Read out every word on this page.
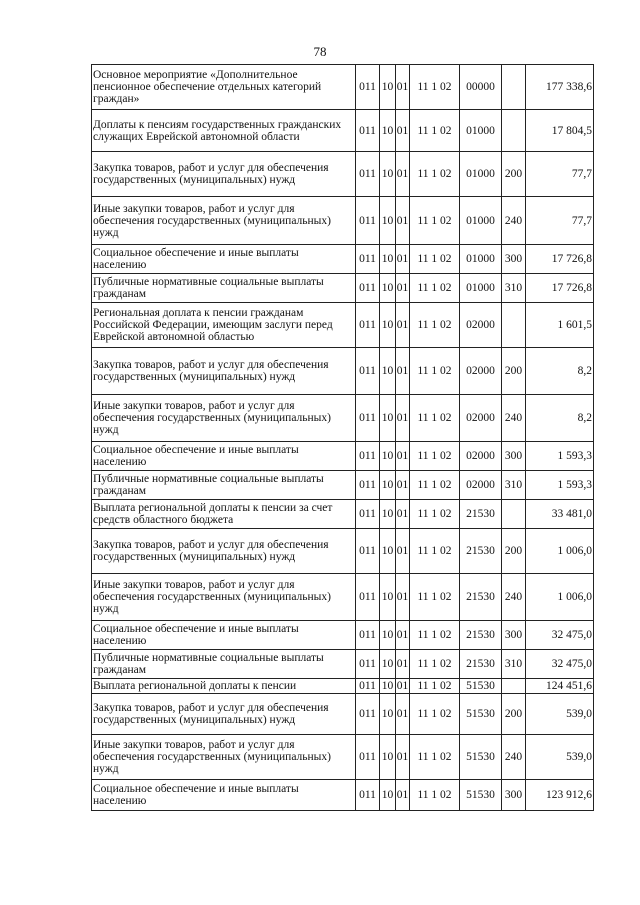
78
Основное мероприятие «Дополнительное пенсионное обеспечение отдельных категорий граждан»	011	10	01	11 1 02	00000		177 338,6
Доплаты к пенсиям государственных гражданских служащих Еврейской автономной области	011	10	01	11 1 02	01000		17 804,5
Закупка товаров, работ и услуг для обеспечения государственных (муниципальных) нужд	011	10	01	11 1 02	01000	200	77,7
Иные закупки товаров, работ и услуг для обеспечения государственных (муниципальных) нужд	011	10	01	11 1 02	01000	240	77,7
Социальное обеспечение и иные выплаты населению	011	10	01	11 1 02	01000	300	17 726,8
Публичные нормативные социальные выплаты гражданам	011	10	01	11 1 02	01000	310	17 726,8
Региональная доплата к пенсии гражданам Российской Федерации, имеющим заслуги перед Еврейской автономной областью	011	10	01	11 1 02	02000		1 601,5
Закупка товаров, работ и услуг для обеспечения государственных (муниципальных) нужд	011	10	01	11 1 02	02000	200	8,2
Иные закупки товаров, работ и услуг для обеспечения государственных (муниципальных) нужд	011	10	01	11 1 02	02000	240	8,2
Социальное обеспечение и иные выплаты населению	011	10	01	11 1 02	02000	300	1 593,3
Публичные нормативные социальные выплаты гражданам	011	10	01	11 1 02	02000	310	1 593,3
Выплата региональной доплаты к пенсии за счет средств областного бюджета	011	10	01	11 1 02	21530		33 481,0
Закупка товаров, работ и услуг для обеспечения государственных (муниципальных) нужд	011	10	01	11 1 02	21530	200	1 006,0
Иные закупки товаров, работ и услуг для обеспечения государственных (муниципальных) нужд	011	10	01	11 1 02	21530	240	1 006,0
Социальное обеспечение и иные выплаты населению	011	10	01	11 1 02	21530	300	32 475,0
Публичные нормативные социальные выплаты гражданам	011	10	01	11 1 02	21530	310	32 475,0
Выплата региональной доплаты к пенсии	011	10	01	11 1 02	51530		124 451,6
Закупка товаров, работ и услуг для обеспечения государственных (муниципальных) нужд	011	10	01	11 1 02	51530	200	539,0
Иные закупки товаров, работ и услуг для обеспечения государственных (муниципальных) нужд	011	10	01	11 1 02	51530	240	539,0
Социальное обеспечение и иные выплаты населению	011	10	01	11 1 02	51530	300	123 912,6
